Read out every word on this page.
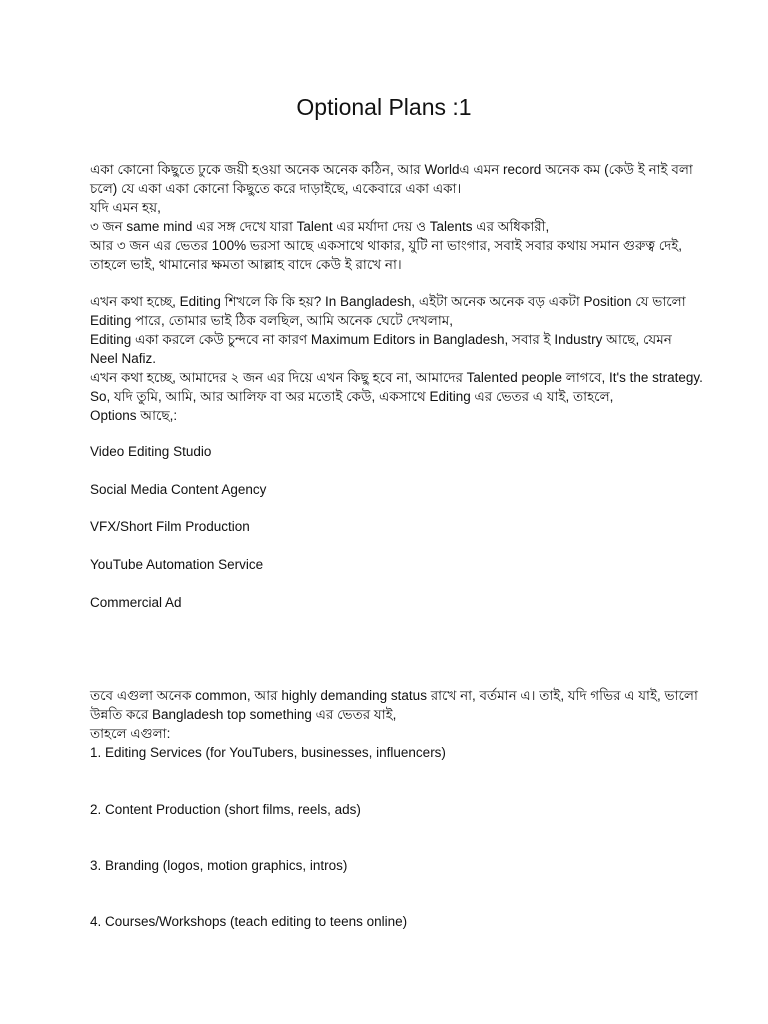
Optional Plans :1
একা কোনো কিছুতে ঢুকে জয়ী হওয়া অনেক অনেক কঠিন, আর Worldএ এমন record অনেক কম (কেউ ই নাই বলা
চলে) যে একা একা কোনো কিছুতে করে দাড়াইছে, একেবারে একা একা।
যদি এমন হয়,
৩ জন same mind এর সঙ্গ দেখে যারা Talent এর মর্যাদা দেয় ও Talents এর অধিকারী,
আর ৩ জন এর ভেতর 100% ভরসা আছে একসাথে থাকার, যুটি না ভাংগার, সবাই সবার কথায় সমান গুরুত্ব দেই,
তাহলে ভাই, থামানোর ক্ষমতা আল্লাহ বাদে কেউ ই রাখে না।
এখন কথা হচ্ছে, Editing শিখলে কি কি হয়? In Bangladesh, এইটা অনেক অনেক বড় একটা Position যে ভালো
Editing পারে, তোমার ভাই ঠিক বলছিল, আমি অনেক ঘেটে দেখলাম,
Editing একা করলে কেউ চুন্দবে না কারণ Maximum Editors in Bangladesh, সবার ই Industry আছে, যেমন
Neel Nafiz.
এখন কথা হচ্ছে, আমাদের ২ জন এর দিয়ে এখন কিছু হবে না, আমাদের Talented people লাগবে, It's the strategy.
So, যদি তুমি, আমি, আর আলিফ বা অর মতোই কেউ, একসাথে Editing এর ভেতর এ যাই, তাহলে,
Options আছে,:
Video Editing Studio
Social Media Content Agency
VFX/Short Film Production
YouTube Automation Service
Commercial Ad
তবে এগুলা অনেক common, আর highly demanding status রাখে না, বর্তমান এ। তাই, যদি গভির এ যাই, ভালো
উন্নতি করে Bangladesh top something এর ভেতর যাই,
তাহলে এগুলা:
1. Editing Services (for YouTubers, businesses, influencers)
2. Content Production (short films, reels, ads)
3. Branding (logos, motion graphics, intros)
4. Courses/Workshops (teach editing to teens online)
